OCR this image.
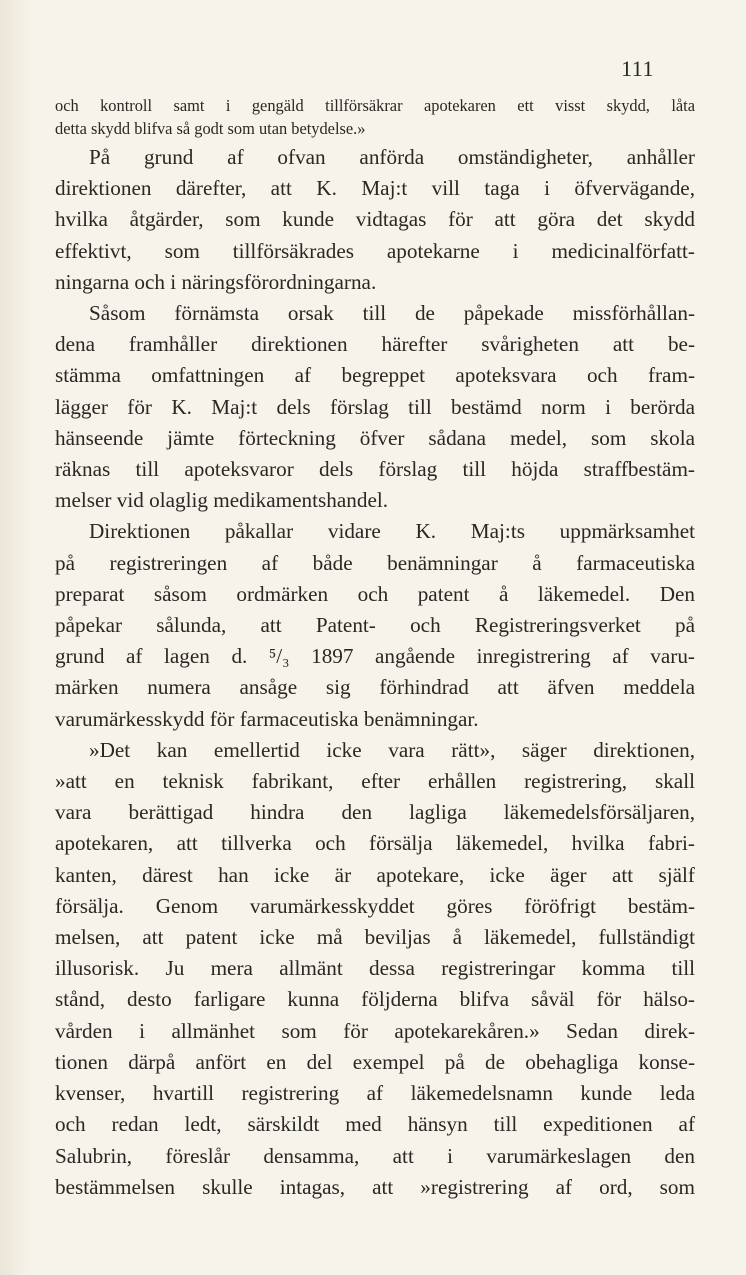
111
och kontroll samt i gengäld tillförsäkrar apotekaren ett visst skydd, låta
detta skydd blifva så godt som utan betydelse.»
På grund af ofvan anförda omständigheter, anhåller
direktionen därefter, att K. Maj:t vill taga i öfvervägande,
hvilka åtgärder, som kunde vidtagas för att göra det skydd
effektivt, som tillförsäkrades apotekarne i medicinalförfatt-
ningarna och i näringsförordningarna.
Såsom förnämsta orsak till de påpekade missförhållan-
dena framhåller direktionen härefter svårigheten att be-
stämma omfattningen af begreppet apoteksvara och fram-
lägger för K. Maj:t dels förslag till bestämd norm i berörda
hänseende jämte förteckning öfver sådana medel, som skola
räknas till apoteksvaror dels förslag till höjda straffbestäm-
melser vid olaglig medikamentshandel.
Direktionen påkallar vidare K. Maj:ts uppmärksamhet
på registreringen af både benämningar å farmaceutiska
preparat såsom ordmärken och patent å läkemedel. Den
påpekar sålunda, att Patent- och Registreringsverket på
grund af lagen d. ⁵/₃ 1897 angående inregistrering af varu-
märken numera ansåge sig förhindrad att äfven meddela
varumärkesskydd för farmaceutiska benämningar.
»Det kan emellertid icke vara rätt», säger direktionen,
»att en teknisk fabrikant, efter erhållen registrering, skall
vara berättigad hindra den lagliga läkemedelsförsäljaren,
apotekaren, att tillverka och försälja läkemedel, hvilka fabri-
kanten, därest han icke är apotekare, icke äger att själf
försälja. Genom varumärkesskyddet göres föröfrigt bestäm-
melsen, att patent icke må beviljas å läkemedel, fullständigt
illusorisk. Ju mera allmänt dessa registreringar komma till
stånd, desto farligare kunna följderna blifva såväl för hälso-
vården i allmänhet som för apotekarekåren.» Sedan direk-
tionen därpå anfört en del exempel på de obehagliga konse-
kvenser, hvartill registrering af läkemedelsnamn kunde leda
och redan ledt, särskildt med hänsyn till expeditionen af
Salubrin, föreslår densamma, att i varumärkeslagen den
bestämmelsen skulle intagas, att »registrering af ord, som
